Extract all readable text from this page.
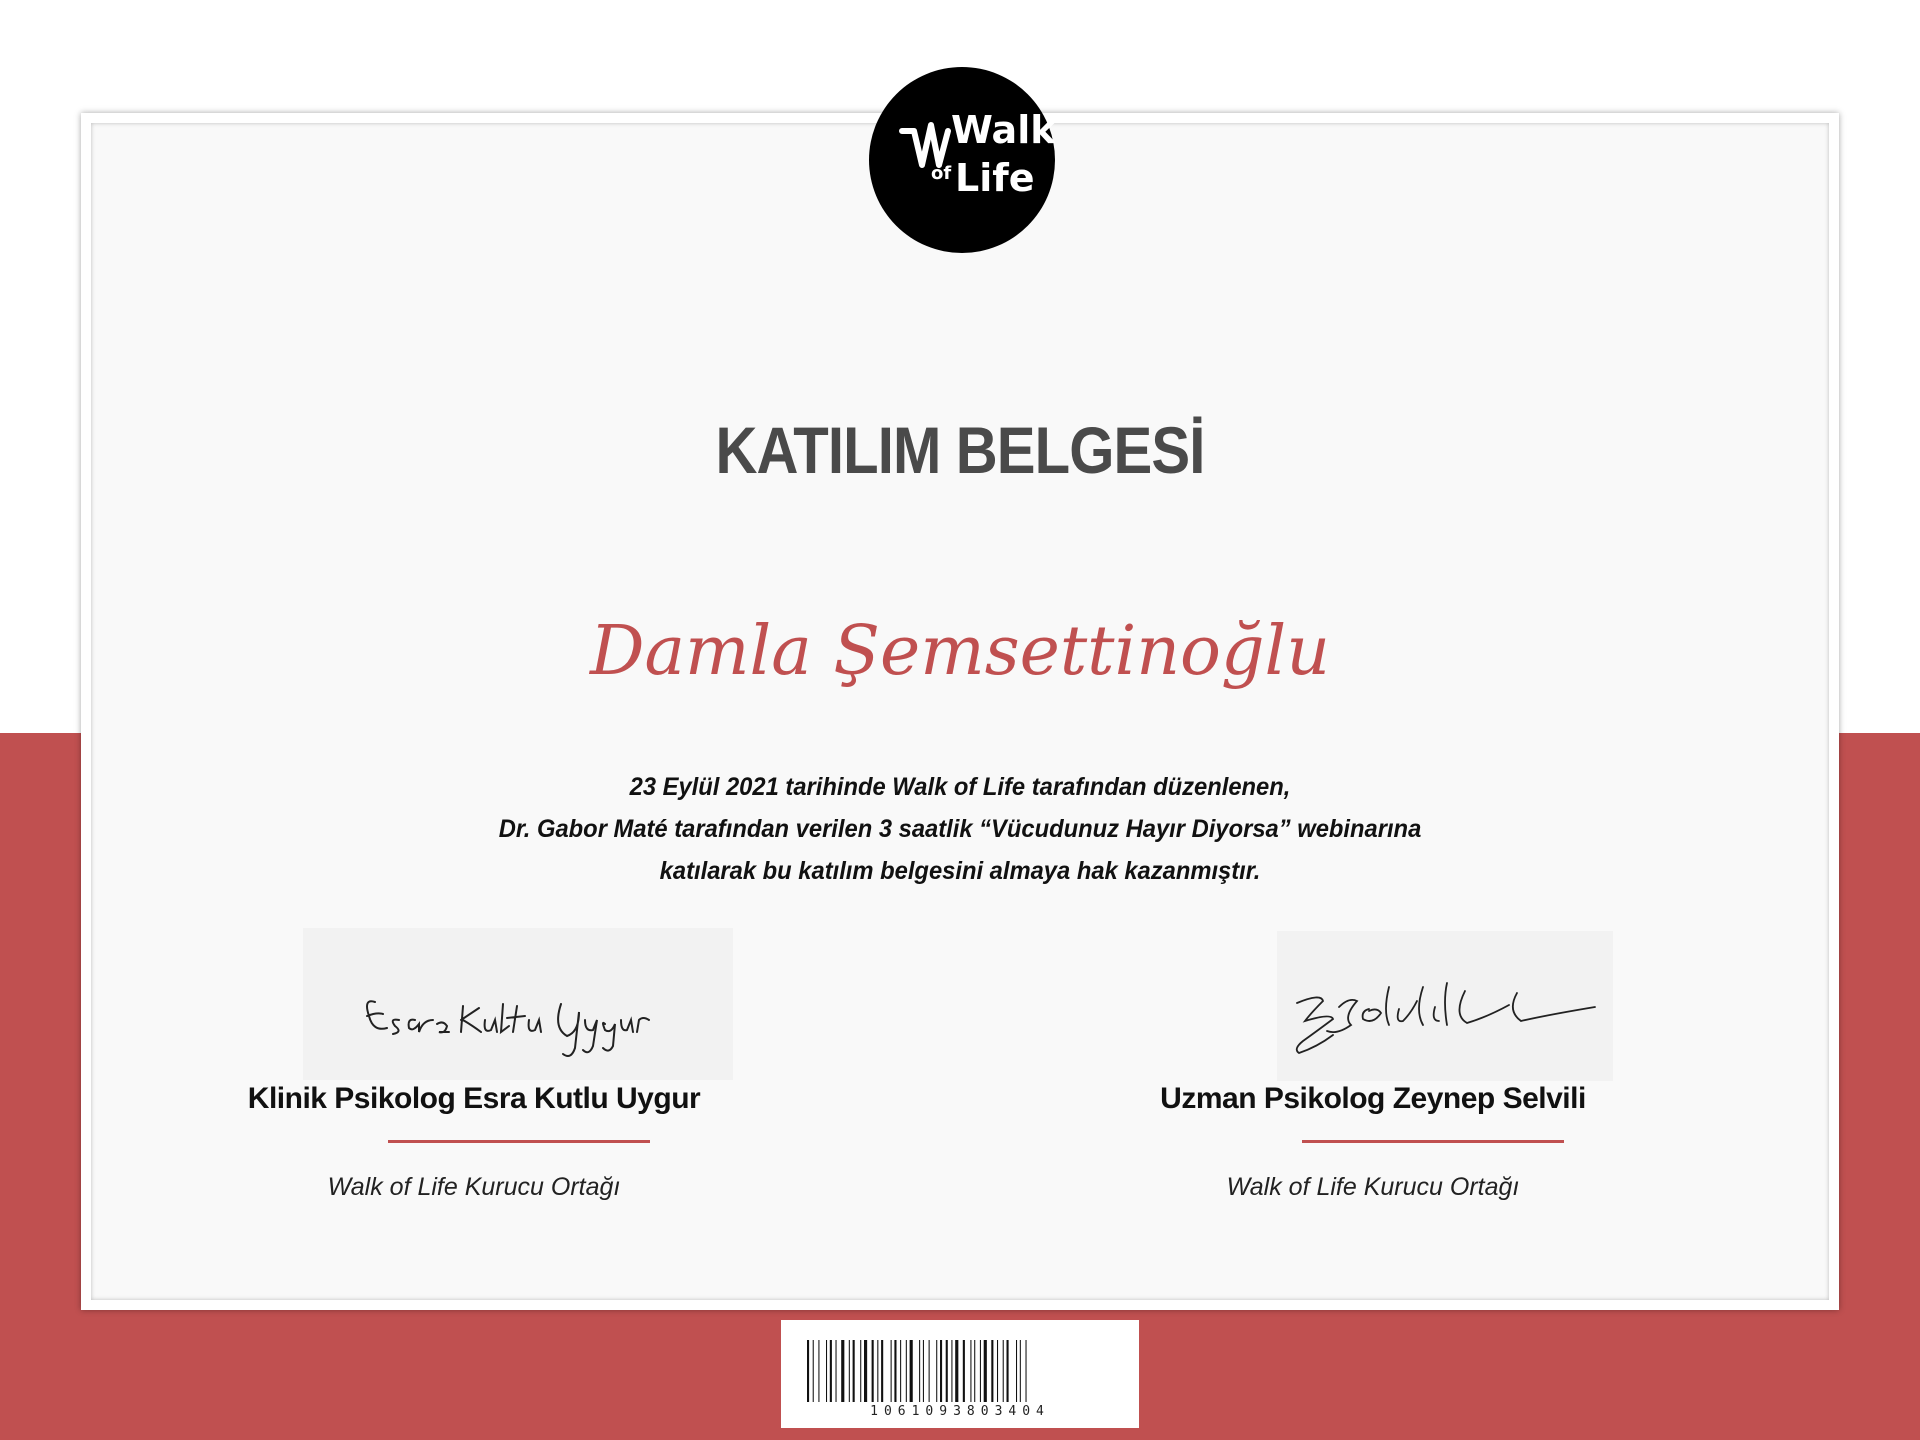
Walk
of Life
KATILIM BELGESİ
Damla Şemsettinoğlu
23 Eylül 2021 tarihinde Walk of Life tarafından düzenlenen,
Dr. Gabor Maté tarafından verilen 3 saatlik “Vücudunuz Hayır Diyorsa” webinarına
katılarak bu katılım belgesini almaya hak kazanmıştır.
Esra Kutlu Uygur
zselvili
Klinik Psikolog Esra Kutlu Uygur
Walk of Life Kurucu Ortağı
Uzman Psikolog Zeynep Selvili
Walk of Life Kurucu Ortağı
1061093803404
